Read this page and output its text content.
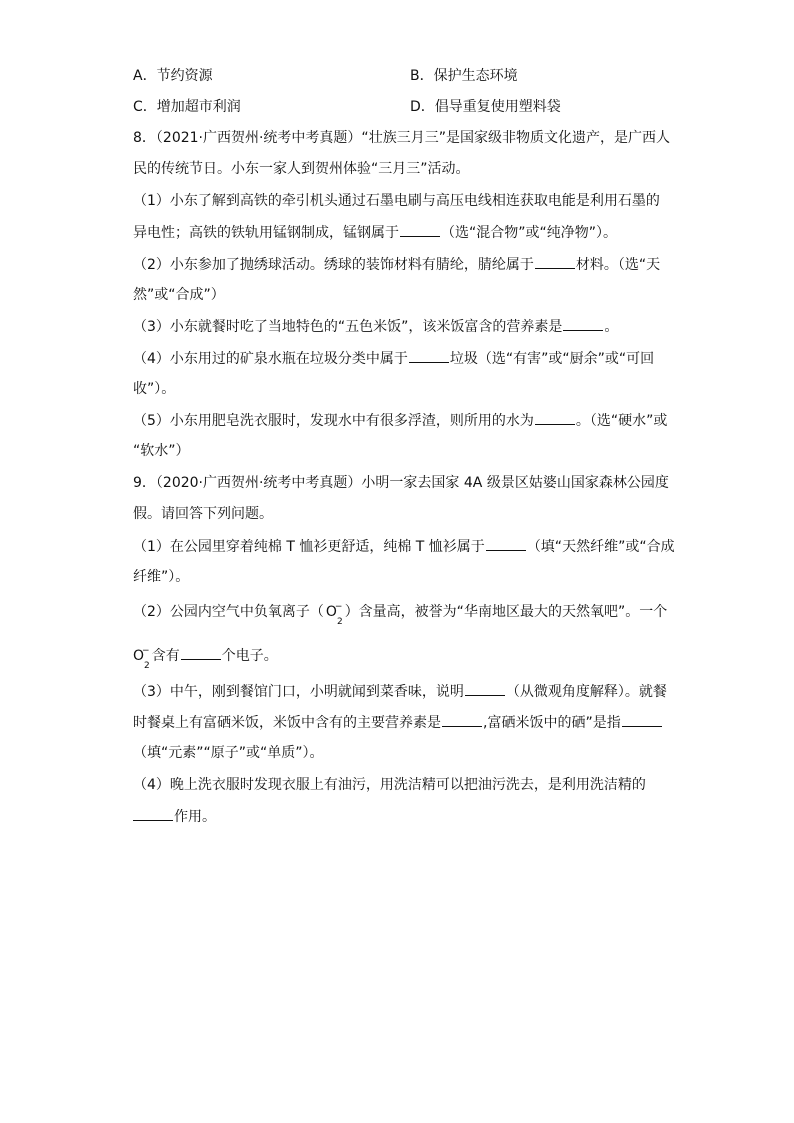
A．节约资源	B．保护生态环境
C．增加超市利润	D．倡导重复使用塑料袋
8．（2021·广西贺州·统考中考真题）“壮族三月三”是国家级非物质文化遗产，是广西人
民的传统节日。小东一家人到贺州体验“三月三”活动。
（1）小东了解到高铁的牵引机头通过石墨电刷与高压电线相连获取电能是利用石墨的
异电性；高铁的铁轨用锰钢制成，锰钢属于	（选“混合物”或“纯净物”）。
（2）小东参加了抛绣球活动。绣球的装饰材料有腈纶，腈纶属于	材料。（选“天
然”或“合成”）
（3）小东就餐时吃了当地特色的“五色米饭”，该米饭富含的营养素是	。
（4）小东用过的矿泉水瓶在垃圾分类中属于	垃圾（选“有害”或“厨余”或“可回
收”）。
（5）小东用肥皂洗衣服时，发现水中有很多浮渣，则所用的水为	。（选“硬水”或
“软水”）
9．（2020·广西贺州·统考中考真题）小明一家去国家 4A 级景区姑婆山国家森林公园度
假。请回答下列问题。
（1）在公园里穿着纯棉 T 恤衫更舒适，纯棉 T 恤衫属于	（填“天然纤维”或“合成
纤维”）。
（2）公园内空气中负氧离子（ $O_2$
− ）含量高，被誉为“华南地区最大的天然氧吧”。一个
$O_2$
− 含有	个电子。
（3）中午，刚到餐馆门口，小明就闻到菜香味，说明	（从微观角度解释）。就餐
时餐桌上有富硒米饭，米饭中含有的主要营养素是	,富硒米饭中的硒”是指
（填“元素”“原子”或“单质”）。
（4）晚上洗衣服时发现衣服上有油污，用洗洁精可以把油污洗去，是利用洗洁精的
作用。
